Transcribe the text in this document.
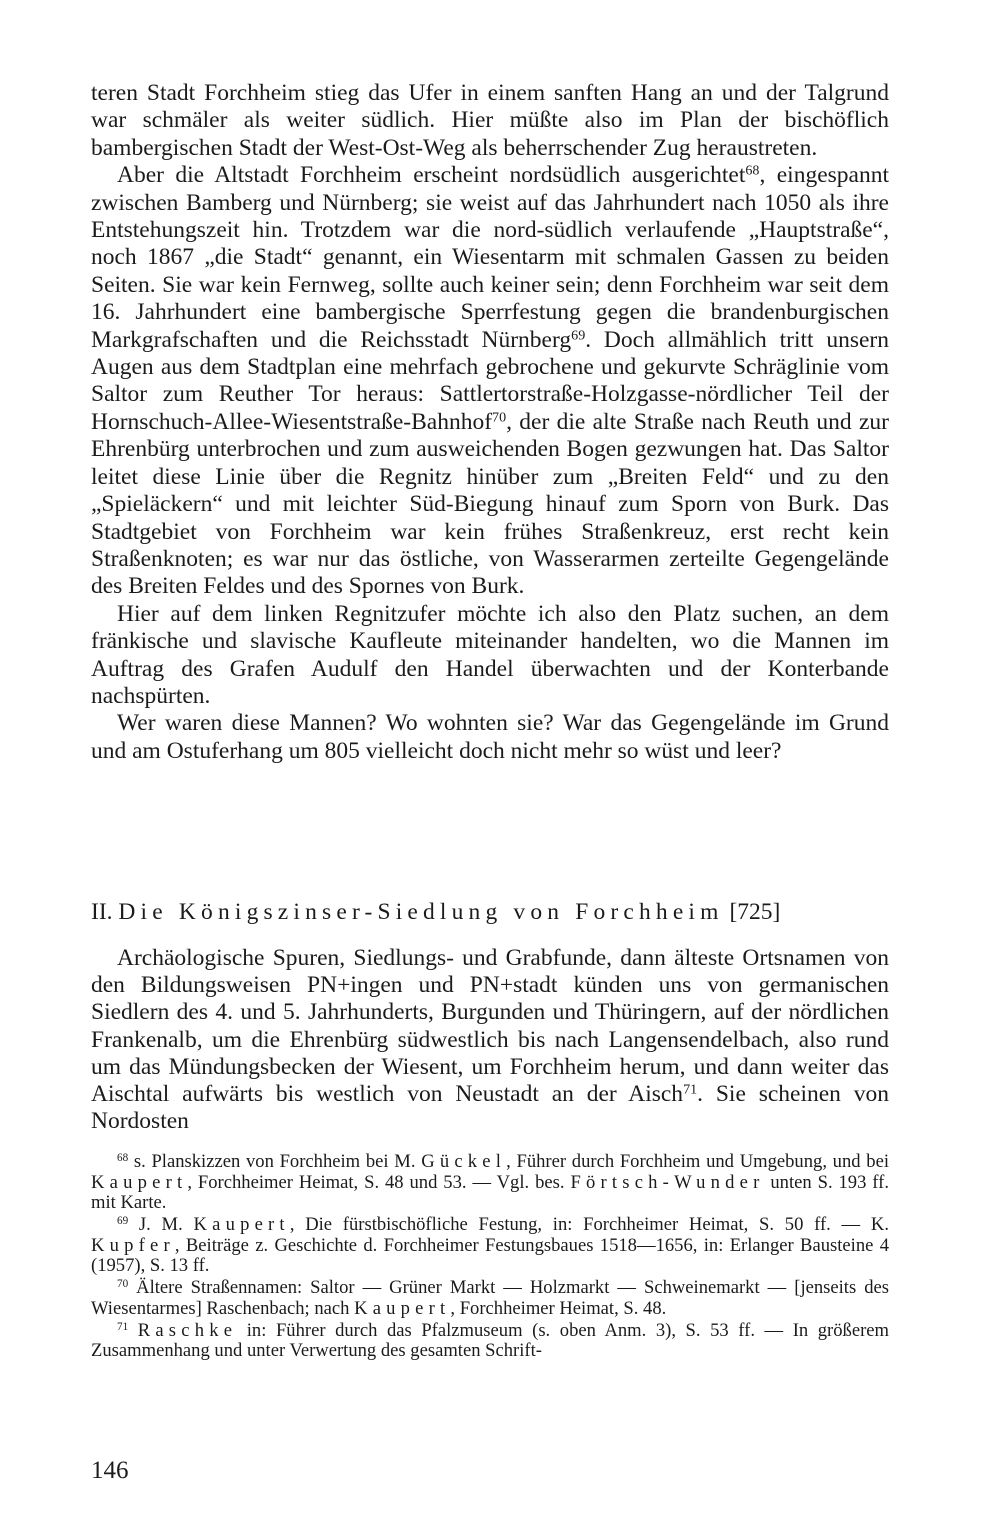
teren Stadt Forchheim stieg das Ufer in einem sanften Hang an und der Talgrund war schmäler als weiter südlich. Hier müßte also im Plan der bischöflich bambergischen Stadt der West-Ost-Weg als beherrschender Zug heraustreten.

Aber die Altstadt Forchheim erscheint nordsüdlich ausgerichtet$^{68}$, eingespannt zwischen Bamberg und Nürnberg; sie weist auf das Jahrhundert nach 1050 als ihre Entstehungszeit hin. Trotzdem war die nord-südlich verlaufende „Hauptstraße“, noch 1867 „die Stadt“ genannt, ein Wiesentarm mit schmalen Gassen zu beiden Seiten. Sie war kein Fernweg, sollte auch keiner sein; denn Forchheim war seit dem 16. Jahrhundert eine bambergische Sperrfestung gegen die brandenburgischen Markgrafschaften und die Reichsstadt Nürnberg$^{69}$. Doch allmählich tritt unsern Augen aus dem Stadtplan eine mehrfach gebrochene und gekurvte Schräglinie vom Saltor zum Reuther Tor heraus: Sattlertorstraße-Holzgasse-nördlicher Teil der Hornschuch-Allee-Wiesentstraße-Bahnhof$^{70}$, der die alte Straße nach Reuth und zur Ehrenbürg unterbrochen und zum ausweichenden Bogen gezwungen hat. Das Saltor leitet diese Linie über die Regnitz hinüber zum „Breiten Feld“ und zu den „Spieläckern“ und mit leichter Süd-Biegung hinauf zum Sporn von Burk. Das Stadtgebiet von Forchheim war kein frühes Straßenkreuz, erst recht kein Straßenknoten; es war nur das östliche, von Wasserarmen zerteilte Gegengelände des Breiten Feldes und des Spornes von Burk.

Hier auf dem linken Regnitzufer möchte ich also den Platz suchen, an dem fränkische und slavische Kaufleute miteinander handelten, wo die Mannen im Auftrag des Grafen Audulf den Handel überwachten und der Konterbande nachspürten.

Wer waren diese Mannen? Wo wohnten sie? War das Gegengelände im Grund und am Ostuferhang um 805 vielleicht doch nicht mehr so wüst und leer?

II. Die Königszinser-Siedlung von Forchheim [725]

Archäologische Spuren, Siedlungs- und Grabfunde, dann älteste Ortsnamen von den Bildungsweisen PN+ingen und PN+stadt künden uns von germanischen Siedlern des 4. und 5. Jahrhunderts, Burgunden und Thüringern, auf der nördlichen Frankenalb, um die Ehrenbürg südwestlich bis nach Langensendelbach, also rund um das Mündungsbecken der Wiesent, um Forchheim herum, und dann weiter das Aischtal aufwärts bis westlich von Neustadt an der Aisch$^{71}$. Sie scheinen von Nordosten

$^{68}$ s. Planskizzen von Forchheim bei M. Gückel, Führer durch Forchheim und Umgebung, und bei Kaupert, Forchheimer Heimat, S. 48 und 53. — Vgl. bes. Förtsch-Wunder unten S. 193 ff. mit Karte.

$^{69}$ J. M. Kaupert, Die fürstbischöfliche Festung, in: Forchheimer Heimat, S. 50 ff. — K. Kupfer, Beiträge z. Geschichte d. Forchheimer Festungsbaues 1518—1656, in: Erlanger Bausteine 4 (1957), S. 13 ff.

$^{70}$ Ältere Straßennamen: Saltor — Grüner Markt — Holzmarkt — Schweinemarkt — [jenseits des Wiesentarmes] Raschenbach; nach Kaupert, Forchheimer Heimat, S. 48.

$^{71}$ Raschke in: Führer durch das Pfalzmuseum (s. oben Anm. 3), S. 53 ff. — In größerem Zusammenhang und unter Verwertung des gesamten Schrift-

146
